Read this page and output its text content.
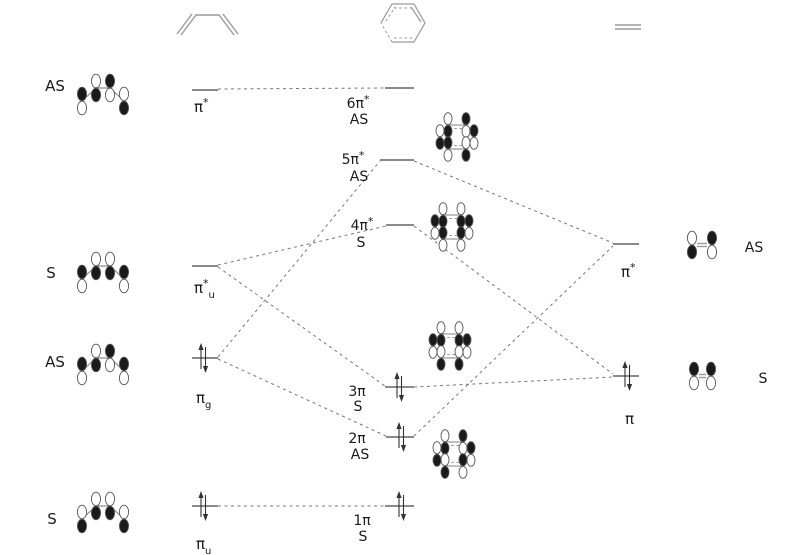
π*
$\pi^*_u$
$\pi_g$
$\pi_u$
6π*
AS
5π*
AS
4π*
S
3π
S
2π
AS
1π
S
π*
π
AS
S
AS
S
AS
S
